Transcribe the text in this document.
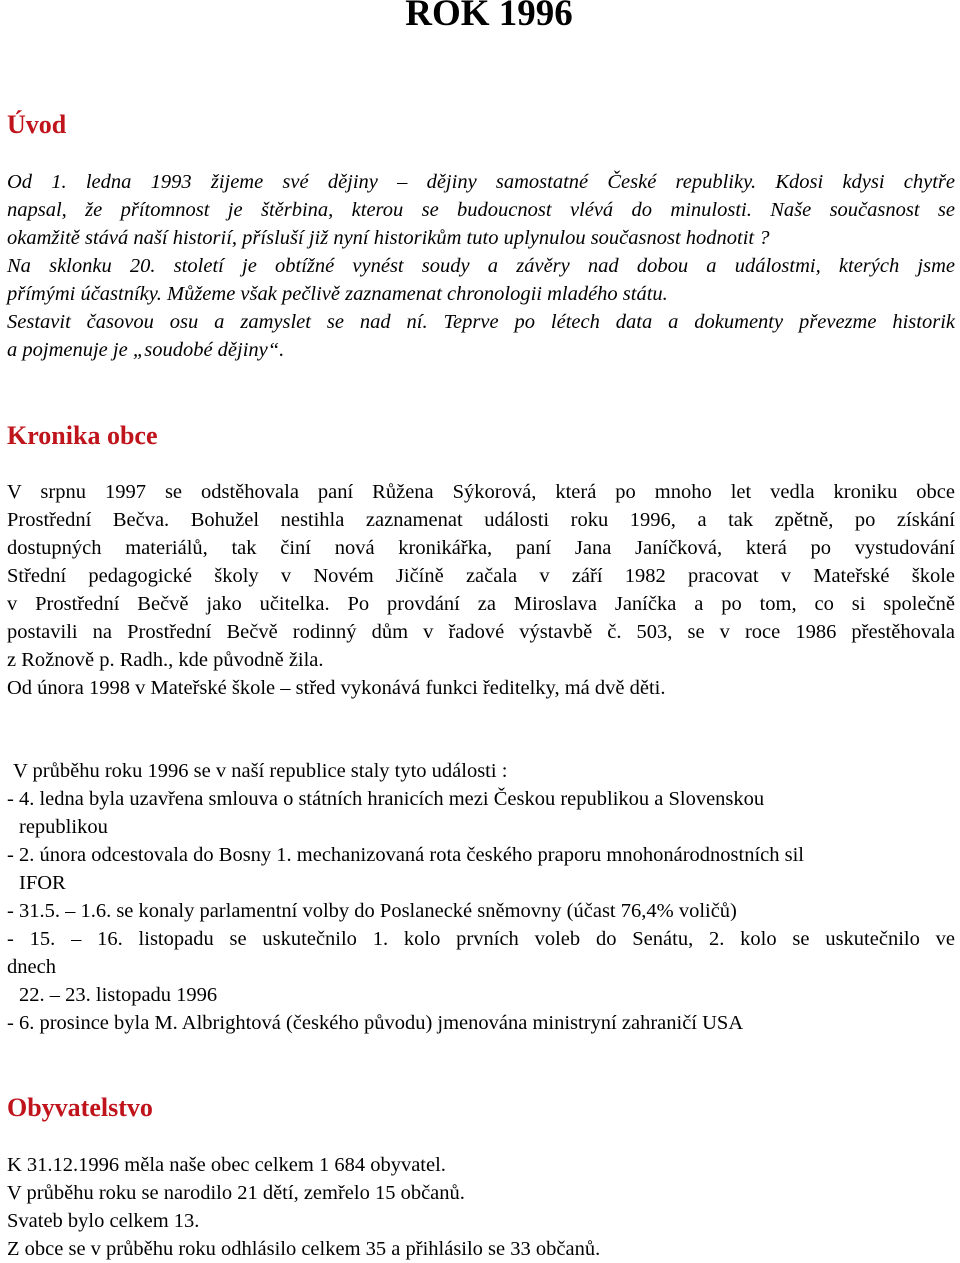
ROK 1996
Úvod
Od 1. ledna 1993 žijeme své dějiny – dějiny samostatné České republiky. Kdosi kdysi chytře
napsal, že přítomnost je štěrbina, kterou se budoucnost vlévá do minulosti. Naše současnost se
okamžitě stává naší historií, přísluší již nyní historikům tuto uplynulou současnost hodnotit ?
Na sklonku 20. století je obtížné vynést soudy a závěry nad dobou a událostmi, kterých jsme
přímými účastníky. Můžeme však pečlivě zaznamenat chronologii mladého státu.
Sestavit časovou osu a zamyslet se nad ní. Teprve po létech data a dokumenty převezme historik
a pojmenuje je „soudobé dějiny“.
Kronika obce
V srpnu 1997 se odstěhovala paní Růžena Sýkorová, která po mnoho let vedla kroniku obce
Prostřední Bečva. Bohužel nestihla zaznamenat události roku 1996, a tak zpětně, po získání
dostupných materiálů, tak činí nová kronikářka, paní Jana Janíčková, která po vystudování
Střední pedagogické školy v Novém Jičíně začala v září 1982 pracovat v Mateřské škole
v Prostřední Bečvě jako učitelka. Po provdání za Miroslava Janíčka a po tom, co si společně
postavili na Prostřední Bečvě rodinný dům v řadové výstavbě č. 503, se v roce 1986 přestěhovala
z Rožnově p. Radh., kde původně žila.
Od února 1998 v Mateřské škole – střed vykonává funkci ředitelky, má dvě děti.
V průběhu roku 1996 se v naší republice staly tyto události :
- 4. ledna byla uzavřena smlouva o státních hranicích mezi Českou republikou a Slovenskou
republikou
- 2. února odcestovala do Bosny 1. mechanizovaná rota českého praporu mnohonárodnostních sil
IFOR
- 31.5. – 1.6. se konaly parlamentní volby do Poslanecké sněmovny (účast 76,4% voličů)
- 15. – 16. listopadu se uskutečnilo 1. kolo prvních voleb do Senátu, 2. kolo se uskutečnilo ve
dnech
22. – 23. listopadu 1996
- 6. prosince byla M. Albrightová (českého původu) jmenována ministryní zahraničí USA
Obyvatelstvo
K 31.12.1996 měla naše obec celkem 1 684 obyvatel.
V průběhu roku se narodilo 21 dětí, zemřelo 15 občanů.
Svateb bylo celkem 13.
Z obce se v průběhu roku odhlásilo celkem 35 a přihlásilo se 33 občanů.
